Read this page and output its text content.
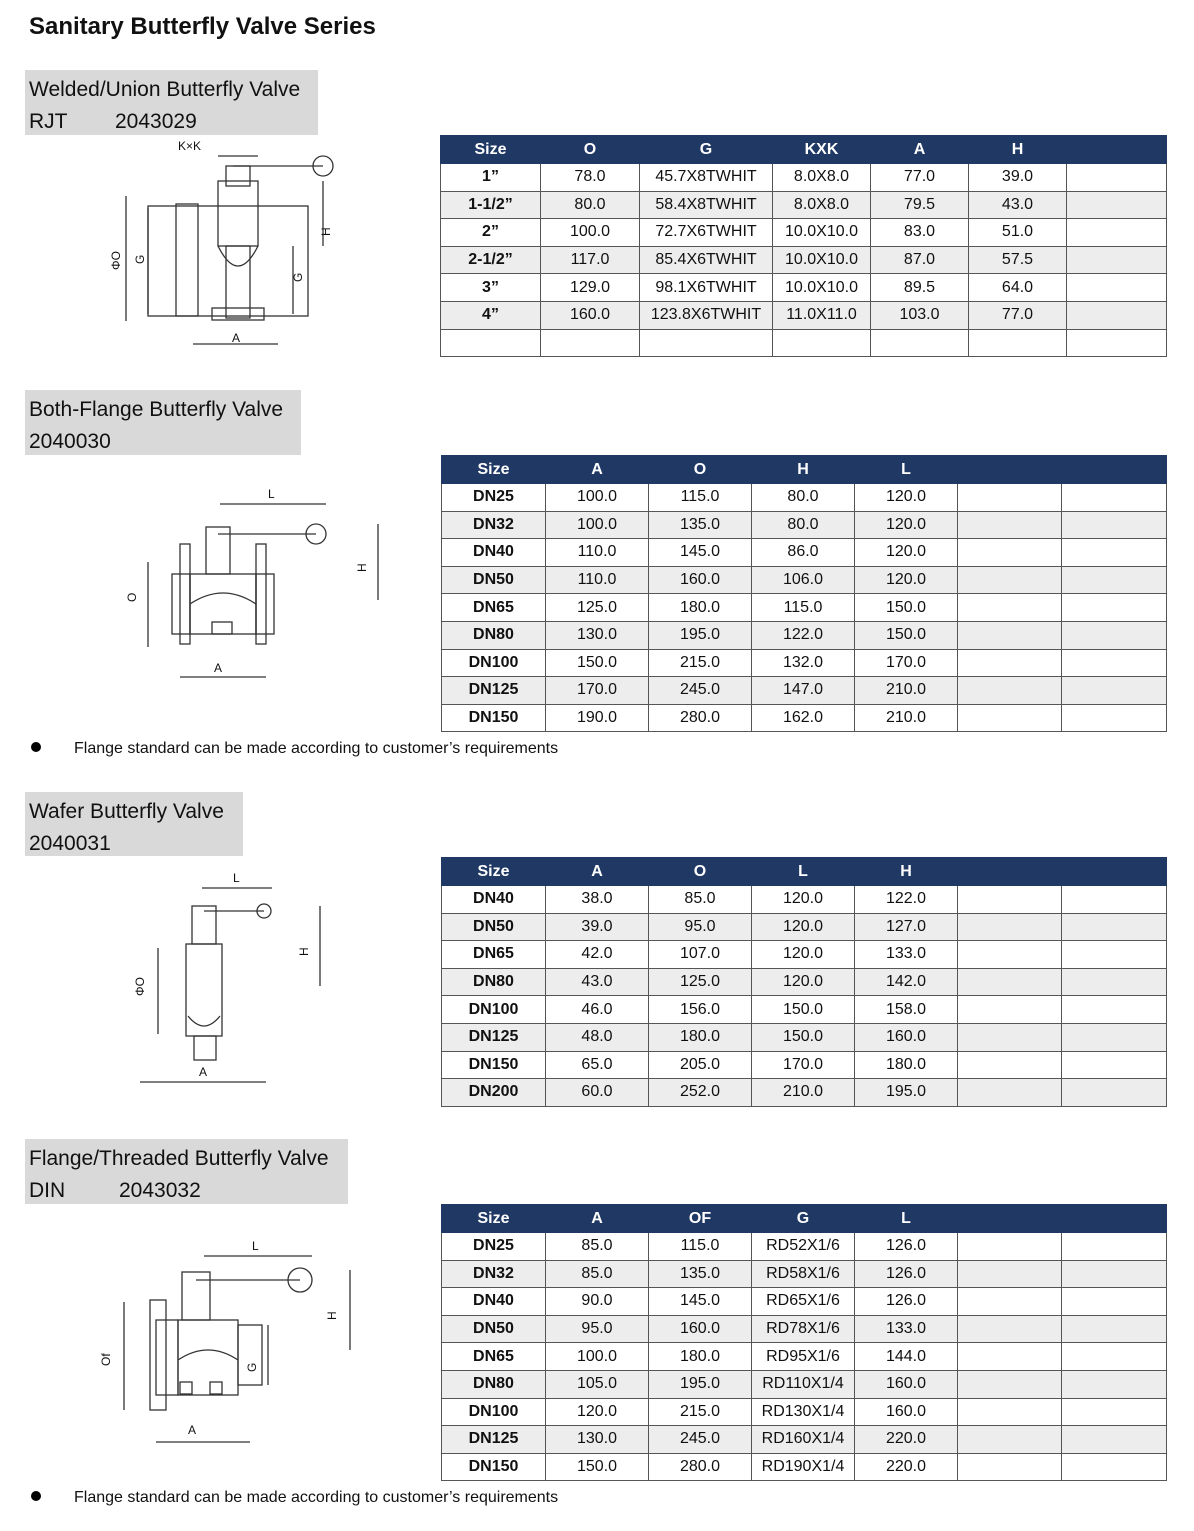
Sanitary Butterfly Valve Series
Welded/Union Butterfly Valve
RJT 2043029
K×K
ΦO G
G
H
A
Size	O	G	KXK	A	H	
1”	78.0	45.7X8TWHIT	8.0X8.0	77.0	39.0	
1-1/2”	80.0	58.4X8TWHIT	8.0X8.0	79.5	43.0	
2”	100.0	72.7X6TWHIT	10.0X10.0	83.0	51.0	
2-1/2”	117.0	85.4X6TWHIT	10.0X10.0	87.0	57.5	
3”	129.0	98.1X6TWHIT	10.0X10.0	89.5	64.0	
4”	160.0	123.8X6TWHIT	11.0X11.0	103.0	77.0	

Both-Flange Butterfly Valve
2040030
L
H
O
A
Size	A	O	H	L		
DN25	100.0	115.0	80.0	120.0		
DN32	100.0	135.0	80.0	120.0		
DN40	110.0	145.0	86.0	120.0		
DN50	110.0	160.0	106.0	120.0		
DN65	125.0	180.0	115.0	150.0		
DN80	130.0	195.0	122.0	150.0		
DN100	150.0	215.0	132.0	170.0		
DN125	170.0	245.0	147.0	210.0		
DN150	190.0	280.0	162.0	210.0		
Flange standard can be made according to customer’s requirements
Wafer Butterfly Valve
2040031
L
H
ΦO
A
Size	A	O	L	H		
DN40	38.0	85.0	120.0	122.0		
DN50	39.0	95.0	120.0	127.0		
DN65	42.0	107.0	120.0	133.0		
DN80	43.0	125.0	120.0	142.0		
DN100	46.0	156.0	150.0	158.0		
DN125	48.0	180.0	150.0	160.0		
DN150	65.0	205.0	170.0	180.0		
DN200	60.0	252.0	210.0	195.0		
Flange/Threaded Butterfly Valve
DIN	2043032
L
H
Of
G
A
Size	A	OF	G	L		
DN25	85.0	115.0	RD52X1/6	126.0		
DN32	85.0	135.0	RD58X1/6	126.0		
DN40	90.0	145.0	RD65X1/6	126.0		
DN50	95.0	160.0	RD78X1/6	133.0		
DN65	100.0	180.0	RD95X1/6	144.0		
DN80	105.0	195.0	RD110X1/4	160.0		
DN100	120.0	215.0	RD130X1/4	160.0		
DN125	130.0	245.0	RD160X1/4	220.0		
DN150	150.0	280.0	RD190X1/4	220.0		
Flange standard can be made according to customer’s requirements
